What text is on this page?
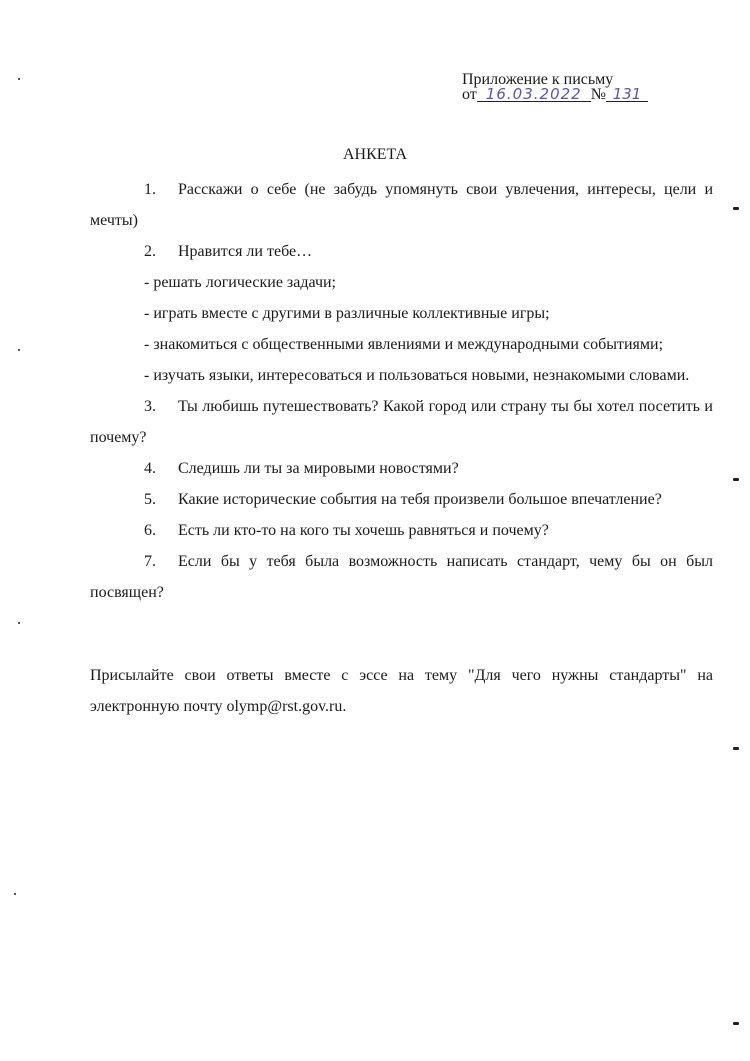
Приложение к письму
от 16.03.2022 № 131
АНКЕТА

1. Расскажи о себе (не забудь упомянуть свои увлечения, интересы, цели и мечты)

2. Нравится ли тебе…

- решать логические задачи;

- играть вместе с другими в различные коллективные игры;

- знакомиться с общественными явлениями и международными событиями;

- изучать языки, интересоваться и пользоваться новыми, незнакомыми словами.

3. Ты любишь путешествовать? Какой город или страну ты бы хотел посетить и почему?

4. Следишь ли ты за мировыми новостями?

5. Какие исторические события на тебя произвели большое впечатление?

6. Есть ли кто-то на кого ты хочешь равняться и почему?

7. Если бы у тебя была возможность написать стандарт, чему бы он был посвящен?

Присылайте свои ответы вместе с эссе на тему "Для чего нужны стандарты" на электронную почту olymp@rst.gov.ru.
